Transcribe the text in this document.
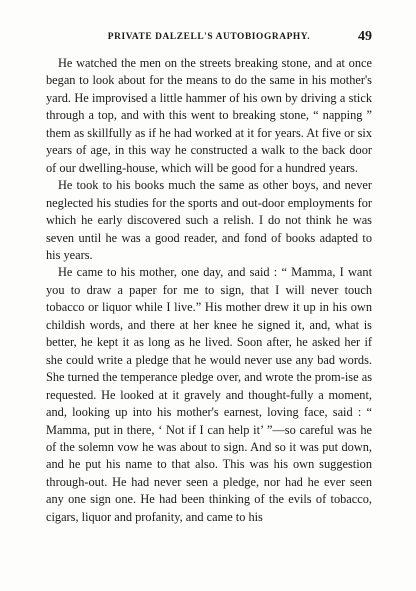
PRIVATE DALZELL'S AUTOBIOGRAPHY.	49

He watched the men on the streets breaking stone, and at once began to look about for the means to do the same in his mother's yard. He improvised a little hammer of his own by driving a stick through a top, and with this went to breaking stone, “ napping ” them as skillfully as if he had worked at it for years. At five or six years of age, in this way he constructed a walk to the back door of our dwelling-house, which will be good for a hundred years.

He took to his books much the same as other boys, and never neglected his studies for the sports and out-door employments for which he early discovered such a relish. I do not think he was seven until he was a good reader, and fond of books adapted to his years.

He came to his mother, one day, and said : “ Mamma, I want you to draw a paper for me to sign, that I will never touch tobacco or liquor while I live.” His mother drew it up in his own childish words, and there at her knee he signed it, and, what is better, he kept it as long as he lived. Soon after, he asked her if she could write a pledge that he would never use any bad words. She turned the temperance pledge over, and wrote the prom-ise as requested. He looked at it gravely and thought-fully a moment, and, looking up into his mother's earnest, loving face, said : “ Mamma, put in there, ‘ Not if I can help it’ ”—so careful was he of the solemn vow he was about to sign. And so it was put down, and he put his name to that also. This was his own suggestion through-out. He had never seen a pledge, nor had he ever seen any one sign one. He had been thinking of the evils of tobacco, cigars, liquor and profanity, and came to his
